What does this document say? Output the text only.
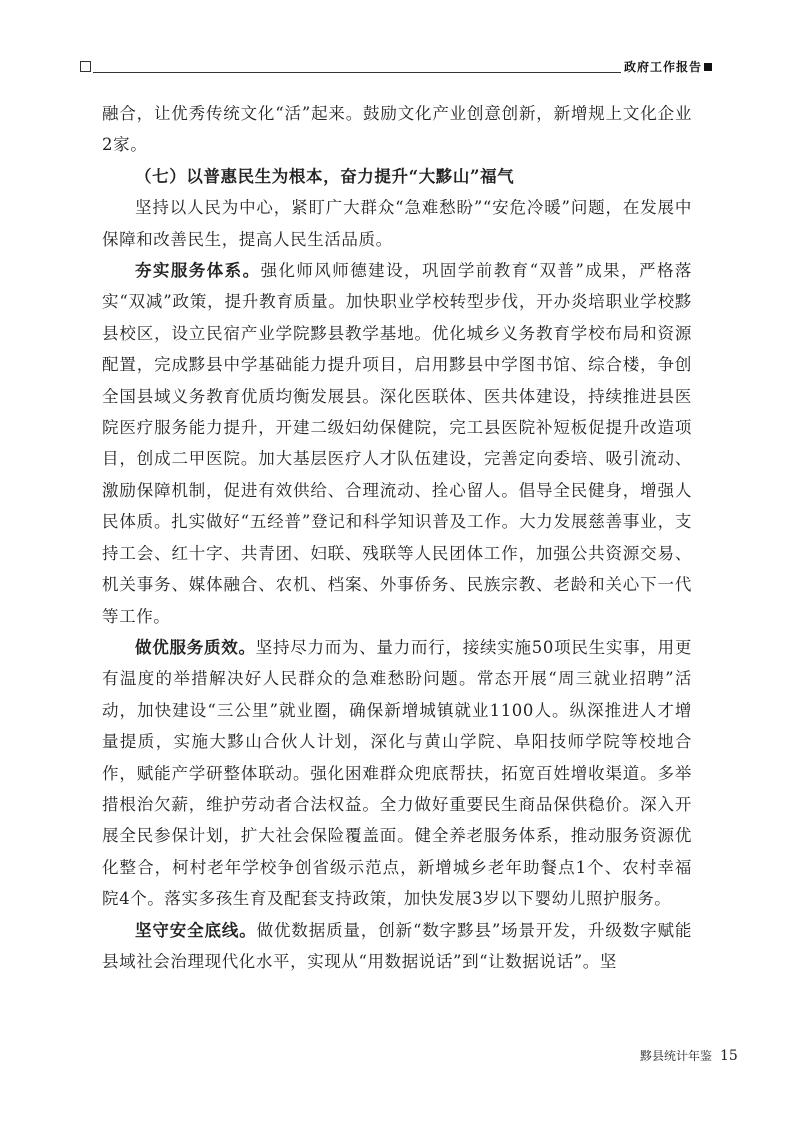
政府工作报告

融合，让优秀传统文化“活”起来。鼓励文化产业创意创新，新增规上文化企业2家。

（七）以普惠民生为根本，奋力提升“大黟山”福气

坚持以人民为中心，紧盯广大群众“急难愁盼”“安危冷暖”问题，在发展中保障和改善民生，提高人民生活品质。

夯实服务体系。强化师风师德建设，巩固学前教育“双普”成果，严格落实“双减”政策，提升教育质量。加快职业学校转型步伐，开办炎培职业学校黟县校区，设立民宿产业学院黟县教学基地。优化城乡义务教育学校布局和资源配置，完成黟县中学基础能力提升项目，启用黟县中学图书馆、综合楼，争创全国县域义务教育优质均衡发展县。深化医联体、医共体建设，持续推进县医院医疗服务能力提升，开建二级妇幼保健院，完工县医院补短板促提升改造项目，创成二甲医院。加大基层医疗人才队伍建设，完善定向委培、吸引流动、激励保障机制，促进有效供给、合理流动、拴心留人。倡导全民健身，增强人民体质。扎实做好“五经普”登记和科学知识普及工作。大力发展慈善事业，支持工会、红十字、共青团、妇联、残联等人民团体工作，加强公共资源交易、机关事务、媒体融合、农机、档案、外事侨务、民族宗教、老龄和关心下一代等工作。

做优服务质效。坚持尽力而为、量力而行，接续实施50项民生实事，用更有温度的举措解决好人民群众的急难愁盼问题。常态开展“周三就业招聘”活动，加快建设“三公里”就业圈，确保新增城镇就业1100人。纵深推进人才增量提质，实施大黟山合伙人计划，深化与黄山学院、阜阳技师学院等校地合作，赋能产学研整体联动。强化困难群众兜底帮扶，拓宽百姓增收渠道。多举措根治欠薪，维护劳动者合法权益。全力做好重要民生商品保供稳价。深入开展全民参保计划，扩大社会保险覆盖面。健全养老服务体系，推动服务资源优化整合，柯村老年学校争创省级示范点，新增城乡老年助餐点1个、农村幸福院4个。落实多孩生育及配套支持政策，加快发展3岁以下婴幼儿照护服务。

坚守安全底线。做优数据质量，创新“数字黟县”场景开发，升级数字赋能县域社会治理现代化水平，实现从“用数据说话”到“让数据说话”。坚

黟县统计年鉴 15
